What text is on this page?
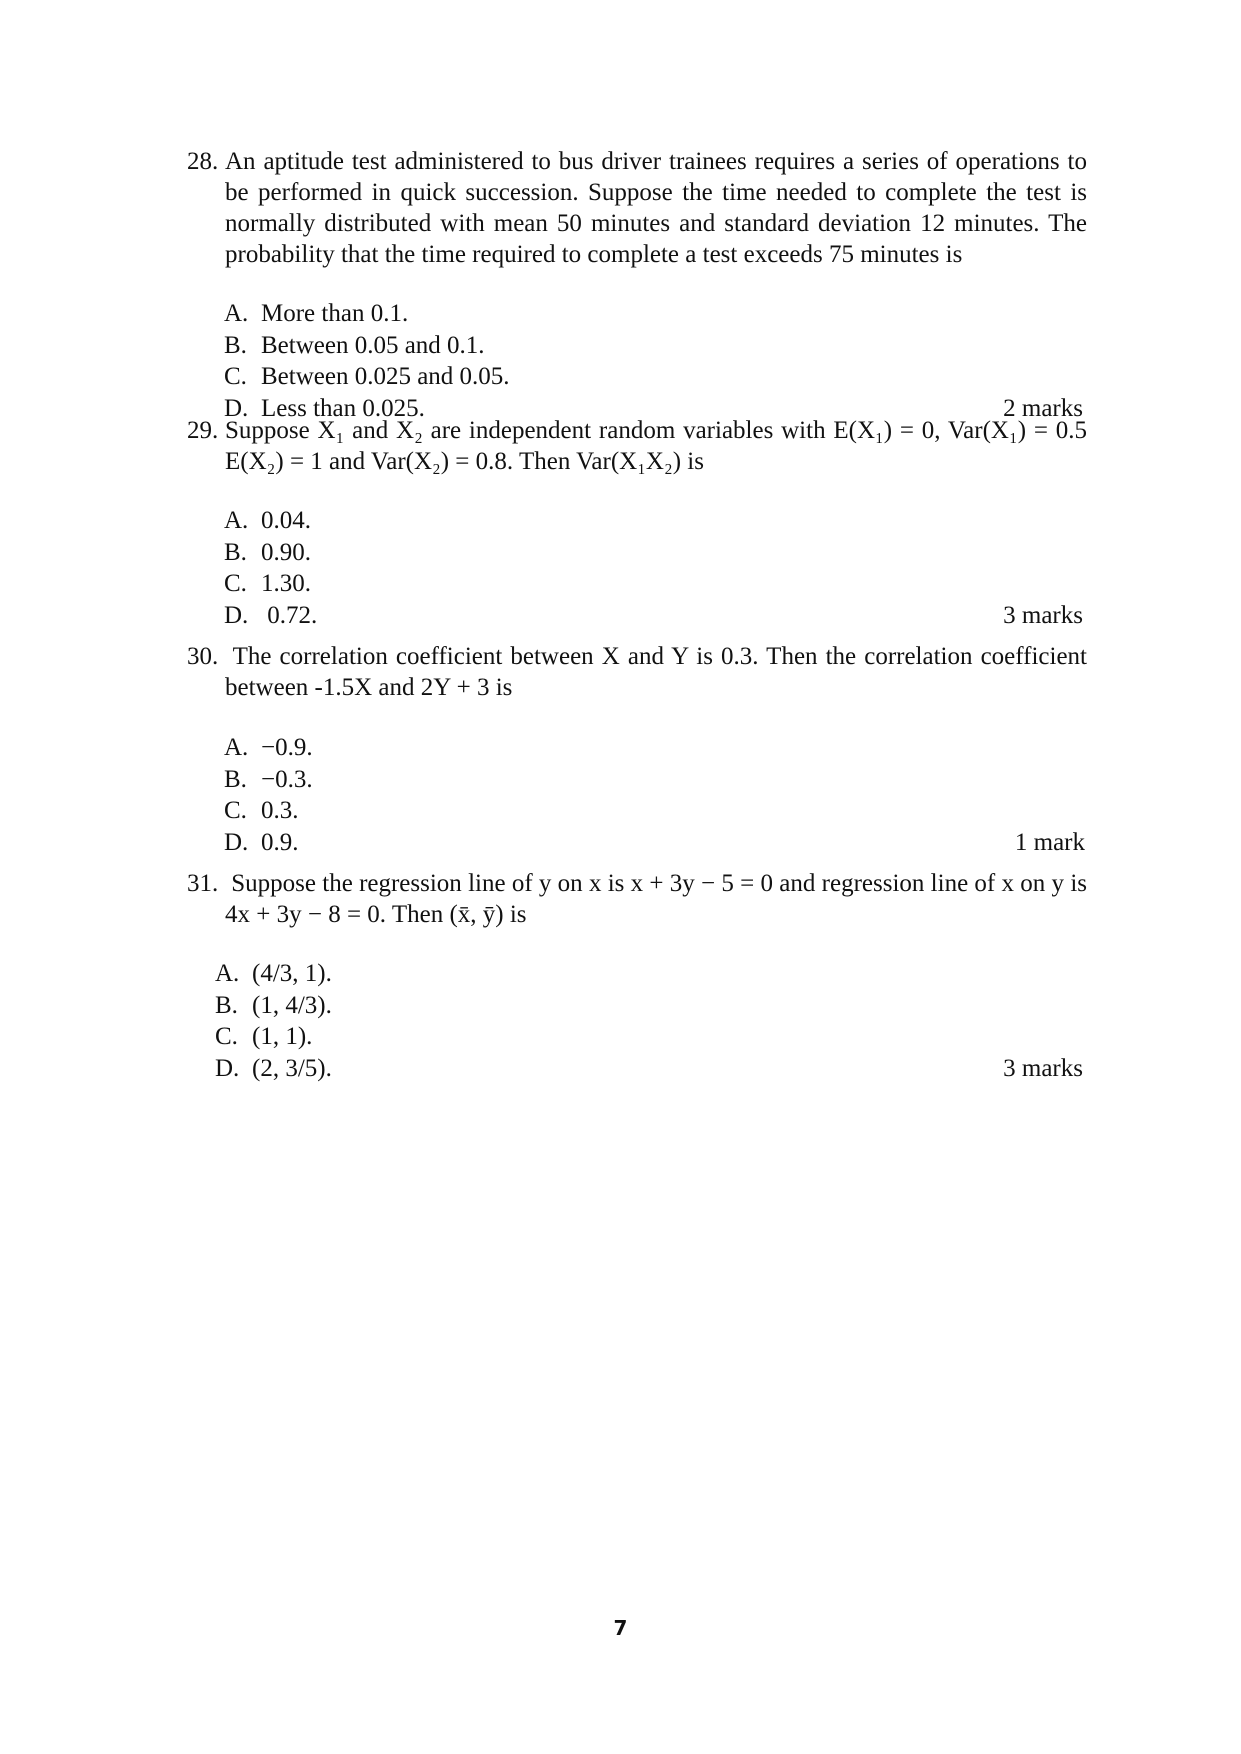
28. An aptitude test administered to bus driver trainees requires a series of operations to be performed in quick succession. Suppose the time needed to complete the test is normally distributed with mean 50 minutes and standard deviation 12 minutes. The probability that the time required to complete a test exceeds 75 minutes is

A. More than 0.1.
B. Between 0.05 and 0.1.
C. Between 0.025 and 0.05.
D. Less than 0.025.	2 marks

29. Suppose X₁ and X₂ are independent random variables with E(X₁) = 0, Var(X₁) = 0.5 E(X₂) = 1 and Var(X₂) = 0.8. Then Var(X₁X₂) is

A. 0.04.
B. 0.90.
C. 1.30.
D. 0.72.	3 marks

30. The correlation coefficient between X and Y is 0.3. Then the correlation coefficient between -1.5X and 2Y + 3 is

A. −0.9.
B. −0.3.
C. 0.3.
D. 0.9.	1 mark

31. Suppose the regression line of y on x is x + 3y − 5 = 0 and regression line of x on y is 4x + 3y − 8 = 0. Then (x̄, ȳ) is

A. (4/3, 1).
B. (1, 4/3).
C. (1, 1).
D. (2, 3/5).	3 marks
7
